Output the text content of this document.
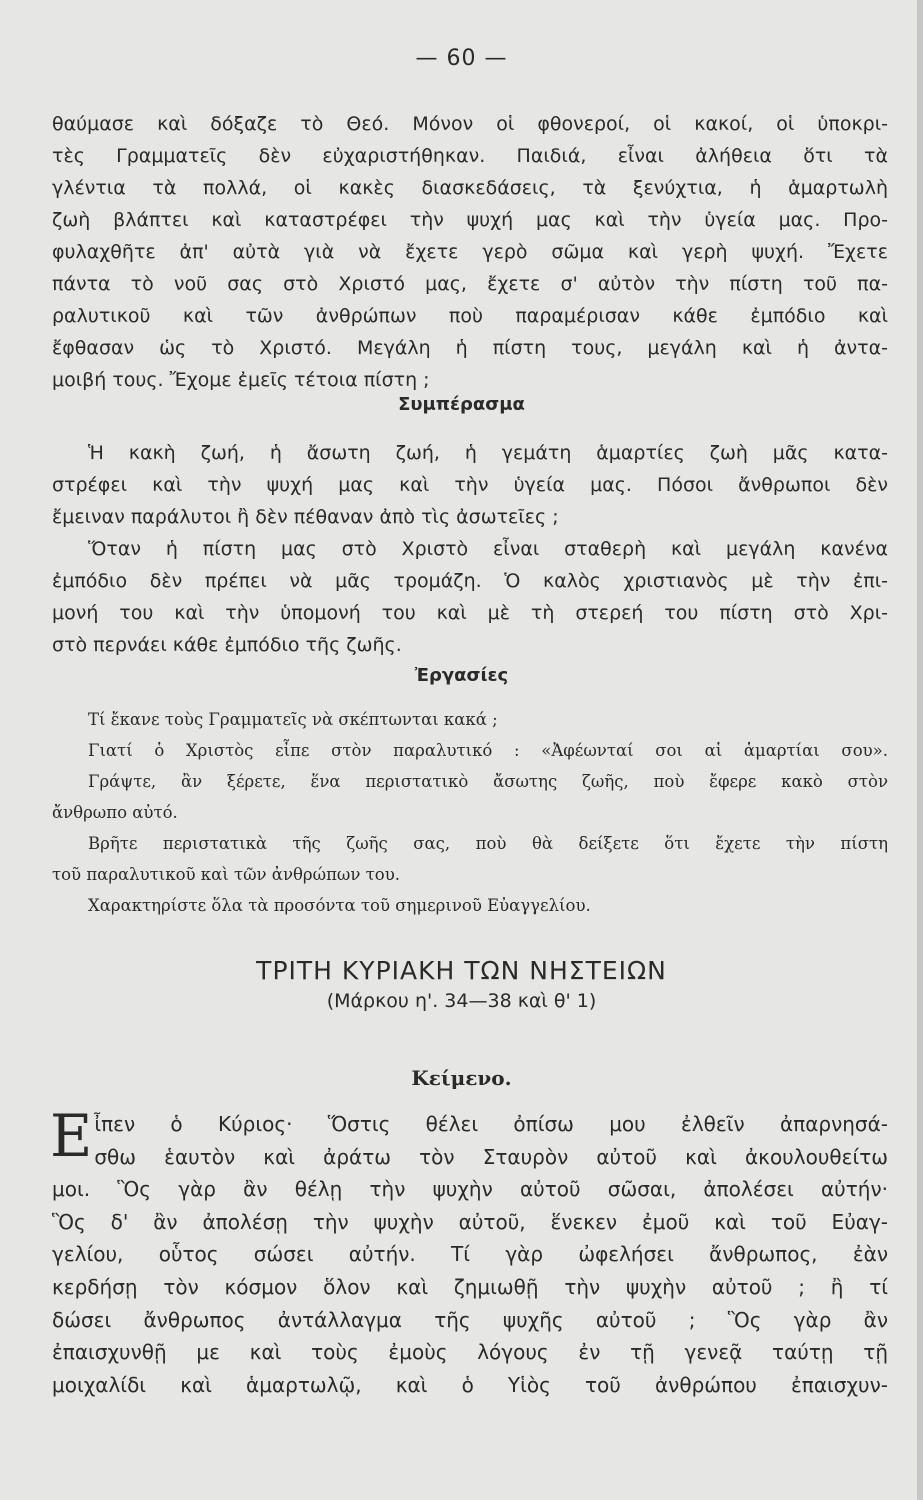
— 60 —

θαύμασε καὶ δόξαζε τὸ Θεό. Μόνον οἱ φθονεροί, οἱ κακοί, οἱ ὑποκρι-

τὲς Γραμματεῖς δὲν εὐχαριστήθηκαν. Παιδιά, εἶναι ἀλήθεια ὅτι τὰ

γλέντια τὰ πολλά, οἱ κακὲς διασκεδάσεις, τὰ ξενύχτια, ἡ ἁμαρτωλὴ

ζωὴ βλάπτει καὶ καταστρέφει τὴν ψυχή μας καὶ τὴν ὑγεία μας. Προ-

φυλαχθῆτε ἀπ' αὐτὰ γιὰ νὰ ἔχετε γερὸ σῶμα καὶ γερὴ ψυχή. Ἔχετε

πάντα τὸ νοῦ σας στὸ Χριστό μας, ἔχετε σ' αὐτὸν τὴν πίστη τοῦ πα-

ραλυτικοῦ καὶ τῶν ἀνθρώπων ποὺ παραμέρισαν κάθε ἐμπόδιο καὶ

ἔφθασαν ὡς τὸ Χριστό. Μεγάλη ἡ πίστη τους, μεγάλη καὶ ἡ ἀντα-

μοιβή τους. Ἔχομε ἐμεῖς τέτοια πίστη ;

Συμπέρασμα

Ἡ κακὴ ζωή, ἡ ἄσωτη ζωή, ἡ γεμάτη ἁμαρτίες ζωὴ μᾶς κατα-

στρέφει καὶ τὴν ψυχή μας καὶ τὴν ὑγεία μας. Πόσοι ἄνθρωποι δὲν

ἔμειναν παράλυτοι ἢ δὲν πέθαναν ἀπὸ τὶς ἀσωτεῖες ;

Ὅταν ἡ πίστη μας στὸ Χριστὸ εἶναι σταθερὴ καὶ μεγάλη κανένα

ἐμπόδιο δὲν πρέπει νὰ μᾶς τρομάζη. Ὁ καλὸς χριστιανὸς μὲ τὴν ἐπι-

μονή του καὶ τὴν ὑπομονή του καὶ μὲ τὴ στερεή του πίστη στὸ Χρι-

στὸ περνάει κάθε ἐμπόδιο τῆς ζωῆς.

Ἐργασίες

Τί ἔκανε τοὺς Γραμματεῖς νὰ σκέπτωνται κακά ;

Γιατί ὁ Χριστὸς εἶπε στὸν παραλυτικό : «Ἀφέωνταί σοι αἱ ἁμαρτίαι σου».

Γράψτε, ἂν ξέρετε, ἕνα περιστατικὸ ἄσωτης ζωῆς, ποὺ ἔφερε κακὸ στὸν

ἄνθρωπο αὐτό.

Βρῆτε περιστατικὰ τῆς ζωῆς σας, ποὺ θὰ δείξετε ὅτι ἔχετε τὴν πίστη

τοῦ παραλυτικοῦ καὶ τῶν ἀνθρώπων του.

Χαρακτηρίστε ὅλα τὰ προσόντα τοῦ σημερινοῦ Εὐαγγελίου.

ΤΡΙΤΗ ΚΥΡΙΑΚΗ ΤΩΝ ΝΗΣΤΕΙΩΝ
(Μάρκου η'. 34—38 καὶ θ' 1)
Κείμενο.
Ε ἶπεν ὁ Κύριος· Ὅστις θέλει ὀπίσω μου ἐλθεῖν ἀπαρνησά-

σθω ἑαυτὸν καὶ ἀράτω τὸν Σταυρὸν αὐτοῦ καὶ ἀκουλουθείτω

μοι. Ὃς γὰρ ἂν θέλῃ τὴν ψυχὴν αὐτοῦ σῶσαι, ἀπολέσει αὐτήν·

Ὃς δ' ἂν ἀπολέσῃ τὴν ψυχὴν αὐτοῦ, ἕνεκεν ἐμοῦ καὶ τοῦ Εὐαγ-

γελίου, οὗτος σώσει αὐτήν. Τί γὰρ ὠφελήσει ἄνθρωπος, ἐὰν

κερδήσῃ τὸν κόσμον ὅλον καὶ ζημιωθῇ τὴν ψυχὴν αὐτοῦ ; ἢ τί

δώσει ἄνθρωπος ἀντάλλαγμα τῆς ψυχῆς αὐτοῦ ; Ὃς γὰρ ἂν

ἐπαισχυνθῇ με καὶ τοὺς ἐμοὺς λόγους ἐν τῇ γενεᾷ ταύτῃ τῇ

μοιχαλίδι καὶ ἁμαρτωλῷ, καὶ ὁ Υἱὸς τοῦ ἀνθρώπου ἐπαισχυν-
